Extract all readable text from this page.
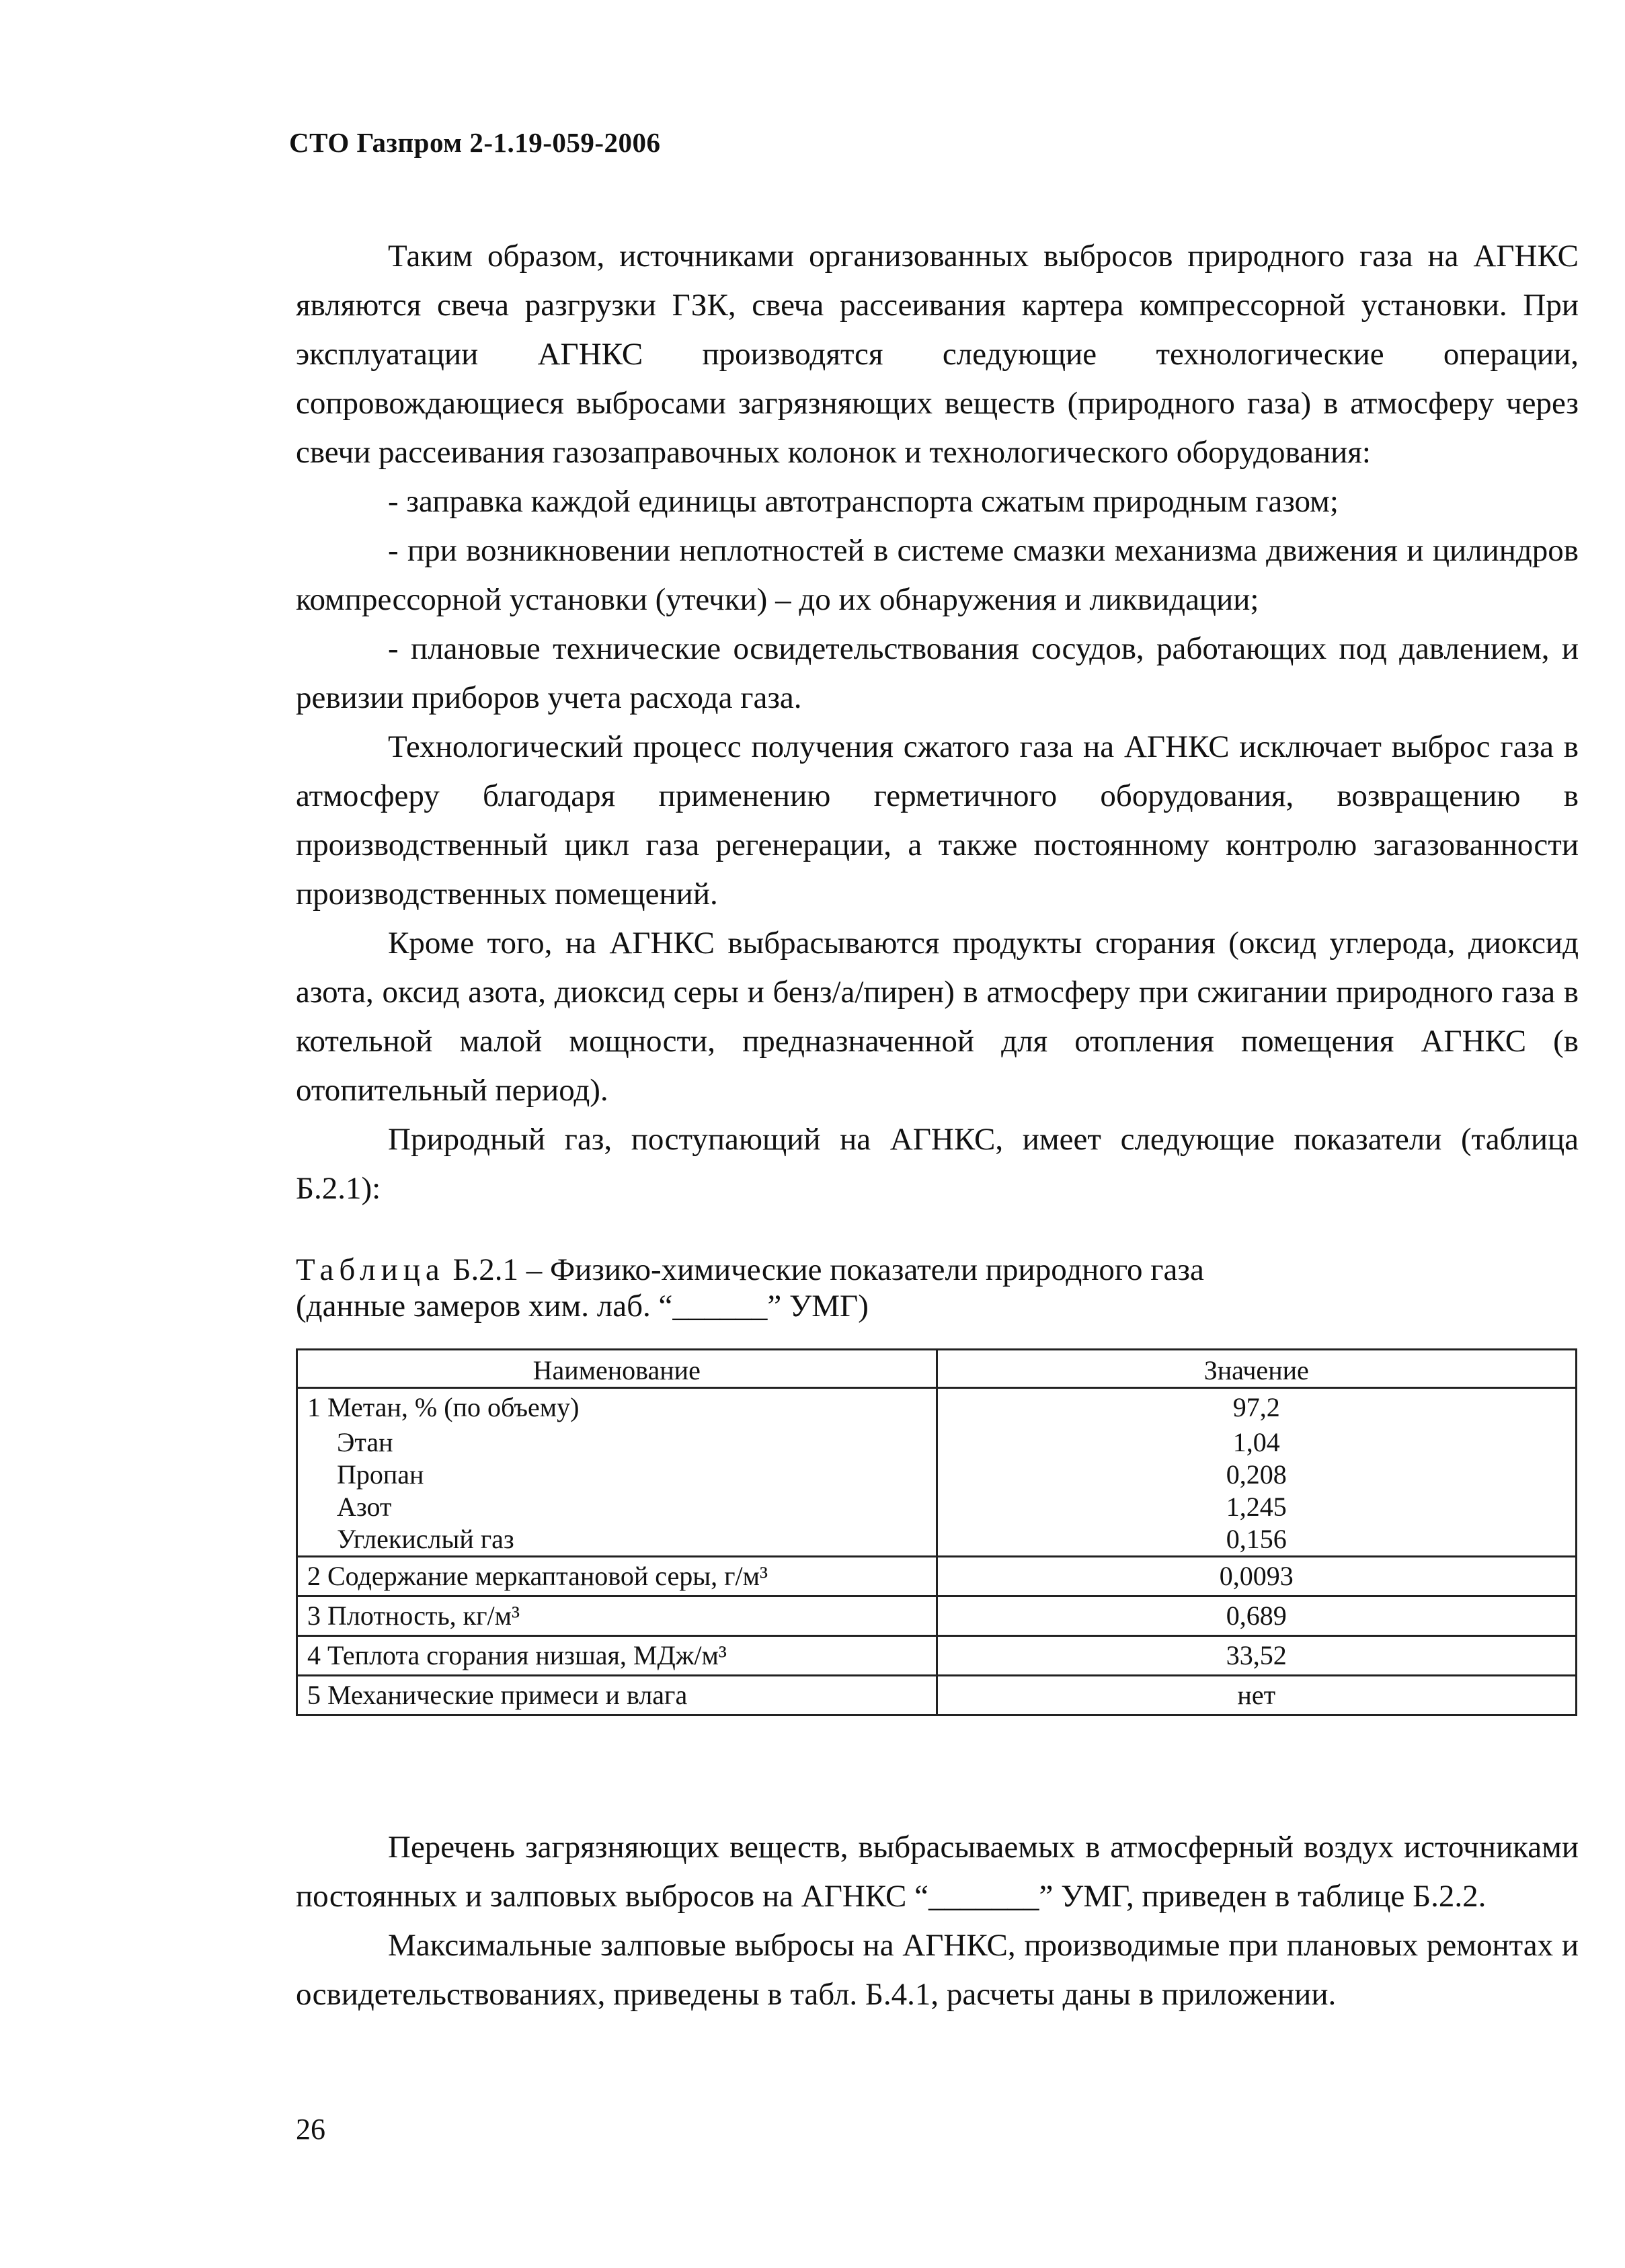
СТО Газпром 2-1.19-059-2006

Таким образом, источниками организованных выбросов природного газа на АГНКС являются свеча разгрузки ГЗК, свеча рассеивания картера компрессорной установки. При эксплуатации АГНКС производятся следующие технологические операции, сопровождающиеся выбросами загрязняющих веществ (природного газа) в атмосферу через свечи рассеивания газозаправочных колонок и технологического оборудования:

- заправка каждой единицы автотранспорта сжатым природным газом;

- при возникновении неплотностей в системе смазки механизма движения и цилиндров компрессорной установки (утечки) – до их обнаружения и ликвидации;

- плановые технические освидетельствования сосудов, работающих под давлением, и ревизии приборов учета расхода газа.

Технологический процесс получения сжатого газа на АГНКС исключает выброс газа в атмосферу благодаря применению герметичного оборудования, возвращению в производственный цикл газа регенерации, а также постоянному контролю загазованности производственных помещений.

Кроме того, на АГНКС выбрасываются продукты сгорания (оксид углерода, диоксид азота, оксид азота, диоксид серы и бенз/а/пирен) в атмосферу при сжигании природного газа в котельной малой мощности, предназначенной для отопления помещения АГНКС (в отопительный период).

Природный газ, поступающий на АГНКС, имеет следующие показатели (таблица Б.2.1):

Таблица Б.2.1 – Физико-химические показатели природного газа
(данные замеров хим. лаб. “______” УМГ)
Наименование	Значение
1 Метан, % (по объему)	97,2
Этан	1,04
Пропан	0,208
Азот	1,245
Углекислый газ	0,156
2 Содержание меркаптановой серы, г/м³	0,0093
3 Плотность, кг/м³	0,689
4 Теплота сгорания низшая, МДж/м³	33,52
5 Механические примеси и влага	нет

Перечень загрязняющих веществ, выбрасываемых в атмосферный воздух источниками постоянных и залповых выбросов на АГНКС “_______” УМГ, приведен в таблице Б.2.2.

Максимальные залповые выбросы на АГНКС, производимые при плановых ремонтах и освидетельствованиях, приведены в табл. Б.4.1, расчеты даны в приложении.

26
